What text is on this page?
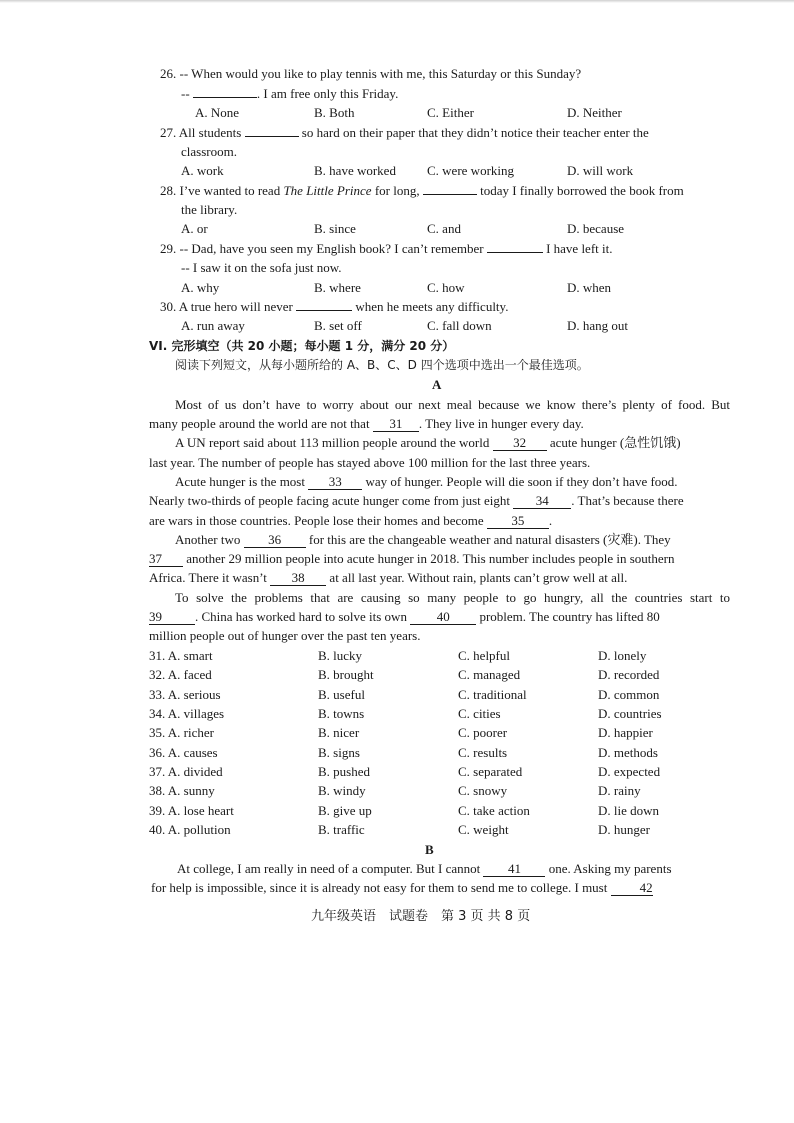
26. -- When would you like to play tennis with me, this Saturday or this Sunday?
--	. I am free only this Friday.
A. None	B. Both	C. Either	D. Neither
27. All students	so hard on their paper that they didn’t notice their teacher enter the
classroom.
A. work	B. have worked C. were working	D. will work
28. I’ve wanted to read The Little Prince for long,	today I finally borrowed the book from
the library.
A. or	B. since	C. and	D. because
29. -- Dad, have you seen my English book? I can’t remember	I have left it.
-- I saw it on the sofa just now.
A. why	B. where	C. how	D. when
30. A true hero will never	when he meets any difficulty.
A. run away	B. set off	C. fall down	D. hang out
VI. 完形填空（共 20 小题；每小题 1 分，满分 20 分）
阅读下列短文，从每小题所给的 A、B、C、D 四个选项中选出一个最佳选项。
A
Most of us don’t have to worry about our next meal because we know there’s plenty of food. But
many people around the world are not that 31 . They live in hunger every day.
A UN report said about 113 million people around the world 32 acute hunger (急性饥饿)
last year. The number of people has stayed above 100 million for the last three years.
Acute hunger is the most 33 way of hunger. People will die soon if they don’t have food.
Nearly two-thirds of people facing acute hunger come from just eight 34 . That’s because there
are wars in those countries. People lose their homes and become 35 .
Another two 36 for this are the changeable weather and natural disasters (灾难). They
37 another 29 million people into acute hunger in 2018. This number includes people in southern
Africa. There it wasn’t 38 at all last year. Without rain, plants can’t grow well at all.
To solve the problems that are causing so many people to go hungry, all the countries start to
39	. China has worked hard to solve its own 40 problem. The country has lifted 80
million people out of hunger over the past ten years.
31. A. smart	B. lucky	C. helpful	D. lonely
32. A. faced	B. brought	C. managed	D. recorded
33. A. serious	B. useful	C. traditional	D. common
34. A. villages	B. towns	C. cities	D. countries
35. A. richer	B. nicer	C. poorer	D. happier
36. A. causes	B. signs	C. results	D. methods
37. A. divided	B. pushed	C. separated	D. expected
38. A. sunny	B. windy	C. snowy	D. rainy
39. A. lose heart	B. give up	C. take action	D. lie down
40. A. pollution	B. traffic	C. weight	D. hunger
B
At college, I am really in need of a computer. But I cannot 41 one. Asking my parents
for help is impossible, since it is already not easy for them to send me to college. I must 42
九年级英语　试题卷　第 3 页 共 8 页
